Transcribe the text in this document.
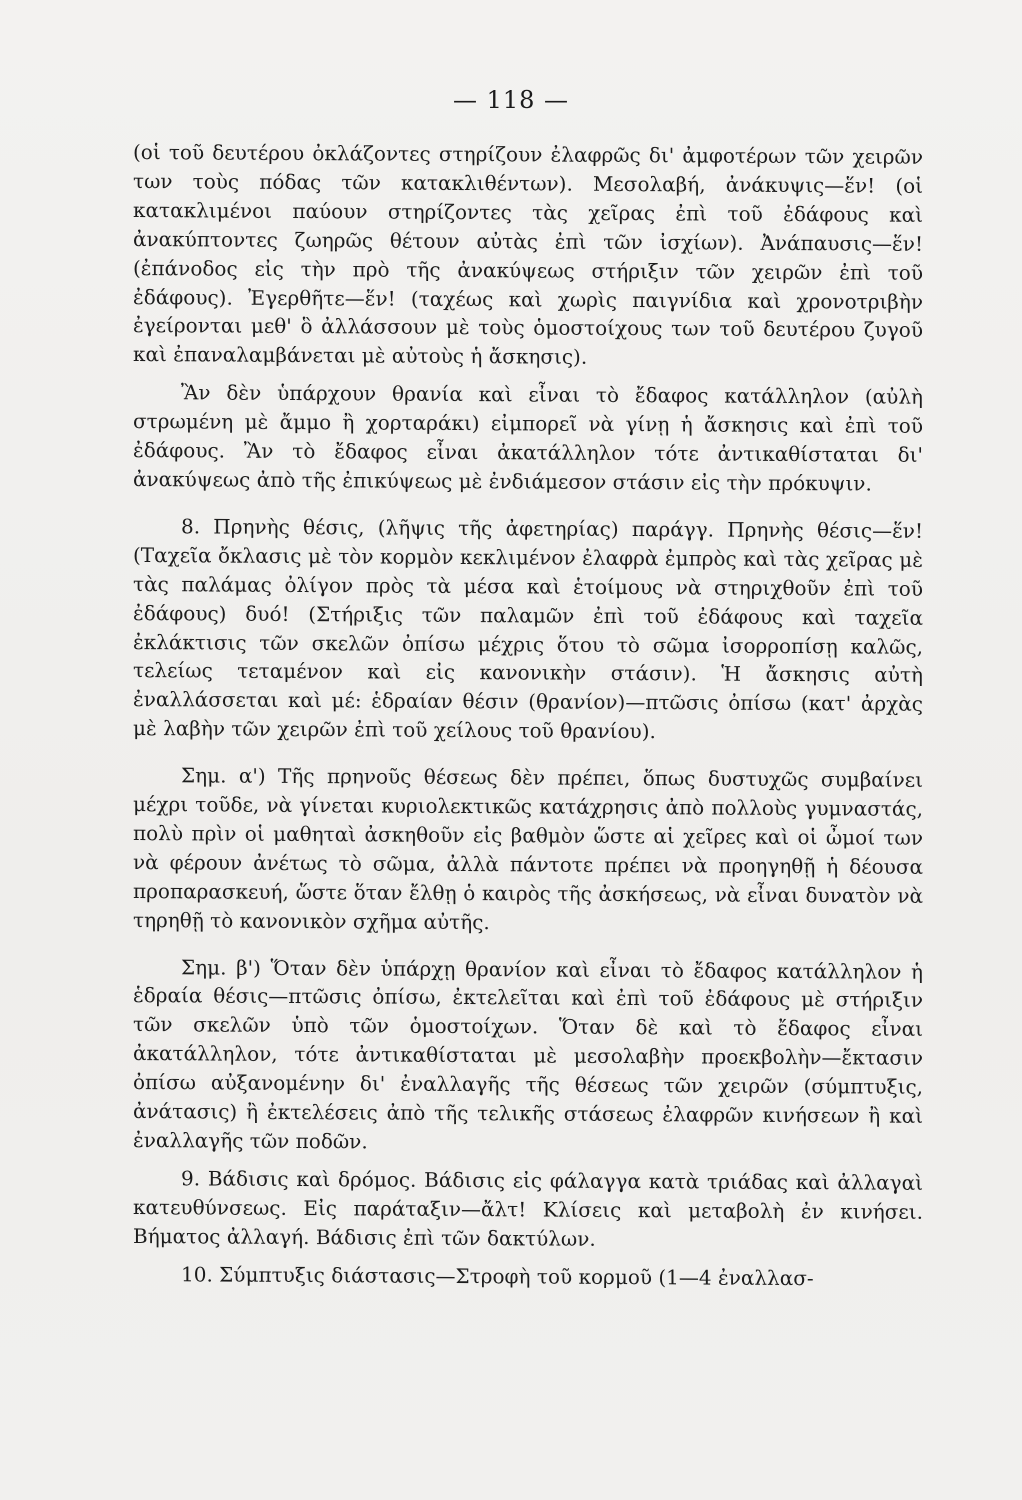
— 118 —

(οἱ τοῦ δευτέρου ὀκλάζοντες στηρίζουν ἐλαφρῶς δι' ἀμφοτέρων τῶν χειρῶν των τοὺς πόδας τῶν κατακλιθέντων). Μεσολαβή, ἀνάκυψις—ἕν! (οἱ κατακλιμένοι παύουν στηρίζοντες τὰς χεῖρας ἐπὶ τοῦ ἐδάφους καὶ ἀνακύπτοντες ζωηρῶς θέτουν αὐτὰς ἐπὶ τῶν ἰσχίων). Ἀνάπαυσις—ἕν! (ἐπάνοδος εἰς τὴν πρὸ τῆς ἀνακύψεως στήριξιν τῶν χειρῶν ἐπὶ τοῦ ἐδάφους). Ἐγερθῆτε—ἕν! (ταχέως καὶ χωρὶς παιγνίδια καὶ χρονοτριβὴν ἐγείρονται μεθ' ὃ ἀλλάσσουν μὲ τοὺς ὁμοστοίχους των τοῦ δευτέρου ζυγοῦ καὶ ἐπαναλαμβάνεται μὲ αὐτοὺς ἡ ἄσκησις).

Ἂν δὲν ὑπάρχουν θρανία καὶ εἶναι τὸ ἔδαφος κατάλληλον (αὐλὴ στρωμένη μὲ ἄμμο ἢ χορταράκι) εἰμπορεῖ νὰ γίνῃ ἡ ἄσκησις καὶ ἐπὶ τοῦ ἐδάφους. Ἂν τὸ ἔδαφος εἶναι ἀκατάλληλον τότε ἀντικαθίσταται δι' ἀνακύψεως ἀπὸ τῆς ἐπικύψεως μὲ ἐνδιάμεσον στάσιν εἰς τὴν πρόκυψιν.

8. Πρηνὴς θέσις, (λῆψις τῆς ἀφετηρίας) παράγγ. Πρηνὴς θέσις—ἕν! (Ταχεῖα ὄκλασις μὲ τὸν κορμὸν κεκλιμένον ἐλαφρὰ ἐμπρὸς καὶ τὰς χεῖρας μὲ τὰς παλάμας ὀλίγον πρὸς τὰ μέσα καὶ ἑτοίμους νὰ στηριχθοῦν ἐπὶ τοῦ ἐδάφους) δυό! (Στήριξις τῶν παλαμῶν ἐπὶ τοῦ ἐδάφους καὶ ταχεῖα ἐκλάκτισις τῶν σκελῶν ὀπίσω μέχρις ὅτου τὸ σῶμα ἰσορροπίσῃ καλῶς, τελείως τεταμένον καὶ εἰς κανονικὴν στάσιν). Ἡ ἄσκησις αὐτὴ ἐναλλάσσεται καὶ μέ: ἑδραίαν θέσιν (θρανίον)—πτῶσις ὀπίσω (κατ' ἀρχὰς μὲ λαβὴν τῶν χειρῶν ἐπὶ τοῦ χείλους τοῦ θρανίου).

Σημ. α') Τῆς πρηνοῦς θέσεως δὲν πρέπει, ὅπως δυστυχῶς συμβαίνει μέχρι τοῦδε, νὰ γίνεται κυριολεκτικῶς κατάχρησις ἀπὸ πολλοὺς γυμναστάς, πολὺ πρὶν οἱ μαθηταὶ ἀσκηθοῦν εἰς βαθμὸν ὥστε αἱ χεῖρες καὶ οἱ ὦμοί των νὰ φέρουν ἀνέτως τὸ σῶμα, ἀλλὰ πάντοτε πρέπει νὰ προηγηθῇ ἡ δέουσα προπαρασκευή, ὥστε ὅταν ἔλθῃ ὁ καιρὸς τῆς ἀσκήσεως, νὰ εἶναι δυνατὸν νὰ τηρηθῇ τὸ κανονικὸν σχῆμα αὐτῆς.

Σημ. β') Ὅταν δὲν ὑπάρχῃ θρανίον καὶ εἶναι τὸ ἔδαφος κατάλληλον ἡ ἑδραία θέσις—πτῶσις ὀπίσω, ἐκτελεῖται καὶ ἐπὶ τοῦ ἐδάφους μὲ στήριξιν τῶν σκελῶν ὑπὸ τῶν ὁμοστοίχων. Ὅταν δὲ καὶ τὸ ἔδαφος εἶναι ἀκατάλληλον, τότε ἀντικαθίσταται μὲ μεσολαβὴν προεκβολὴν—ἔκτασιν ὀπίσω αὐξανομένην δι' ἐναλλαγῆς τῆς θέσεως τῶν χειρῶν (σύμπτυξις, ἀνάτασις) ἢ ἐκτελέσεις ἀπὸ τῆς τελικῆς στάσεως ἐλαφρῶν κινήσεων ἢ καὶ ἐναλλαγῆς τῶν ποδῶν.

9. Βάδισις καὶ δρόμος. Βάδισις εἰς φάλαγγα κατὰ τριάδας καὶ ἀλλαγαὶ κατευθύνσεως. Εἰς παράταξιν—ἄλτ! Κλίσεις καὶ μεταβολὴ ἐν κινήσει. Βήματος ἀλλαγή. Βάδισις ἐπὶ τῶν δακτύλων.

10. Σύμπτυξις διάστασις—Στροφὴ τοῦ κορμοῦ (1—4 ἐναλλασ-
